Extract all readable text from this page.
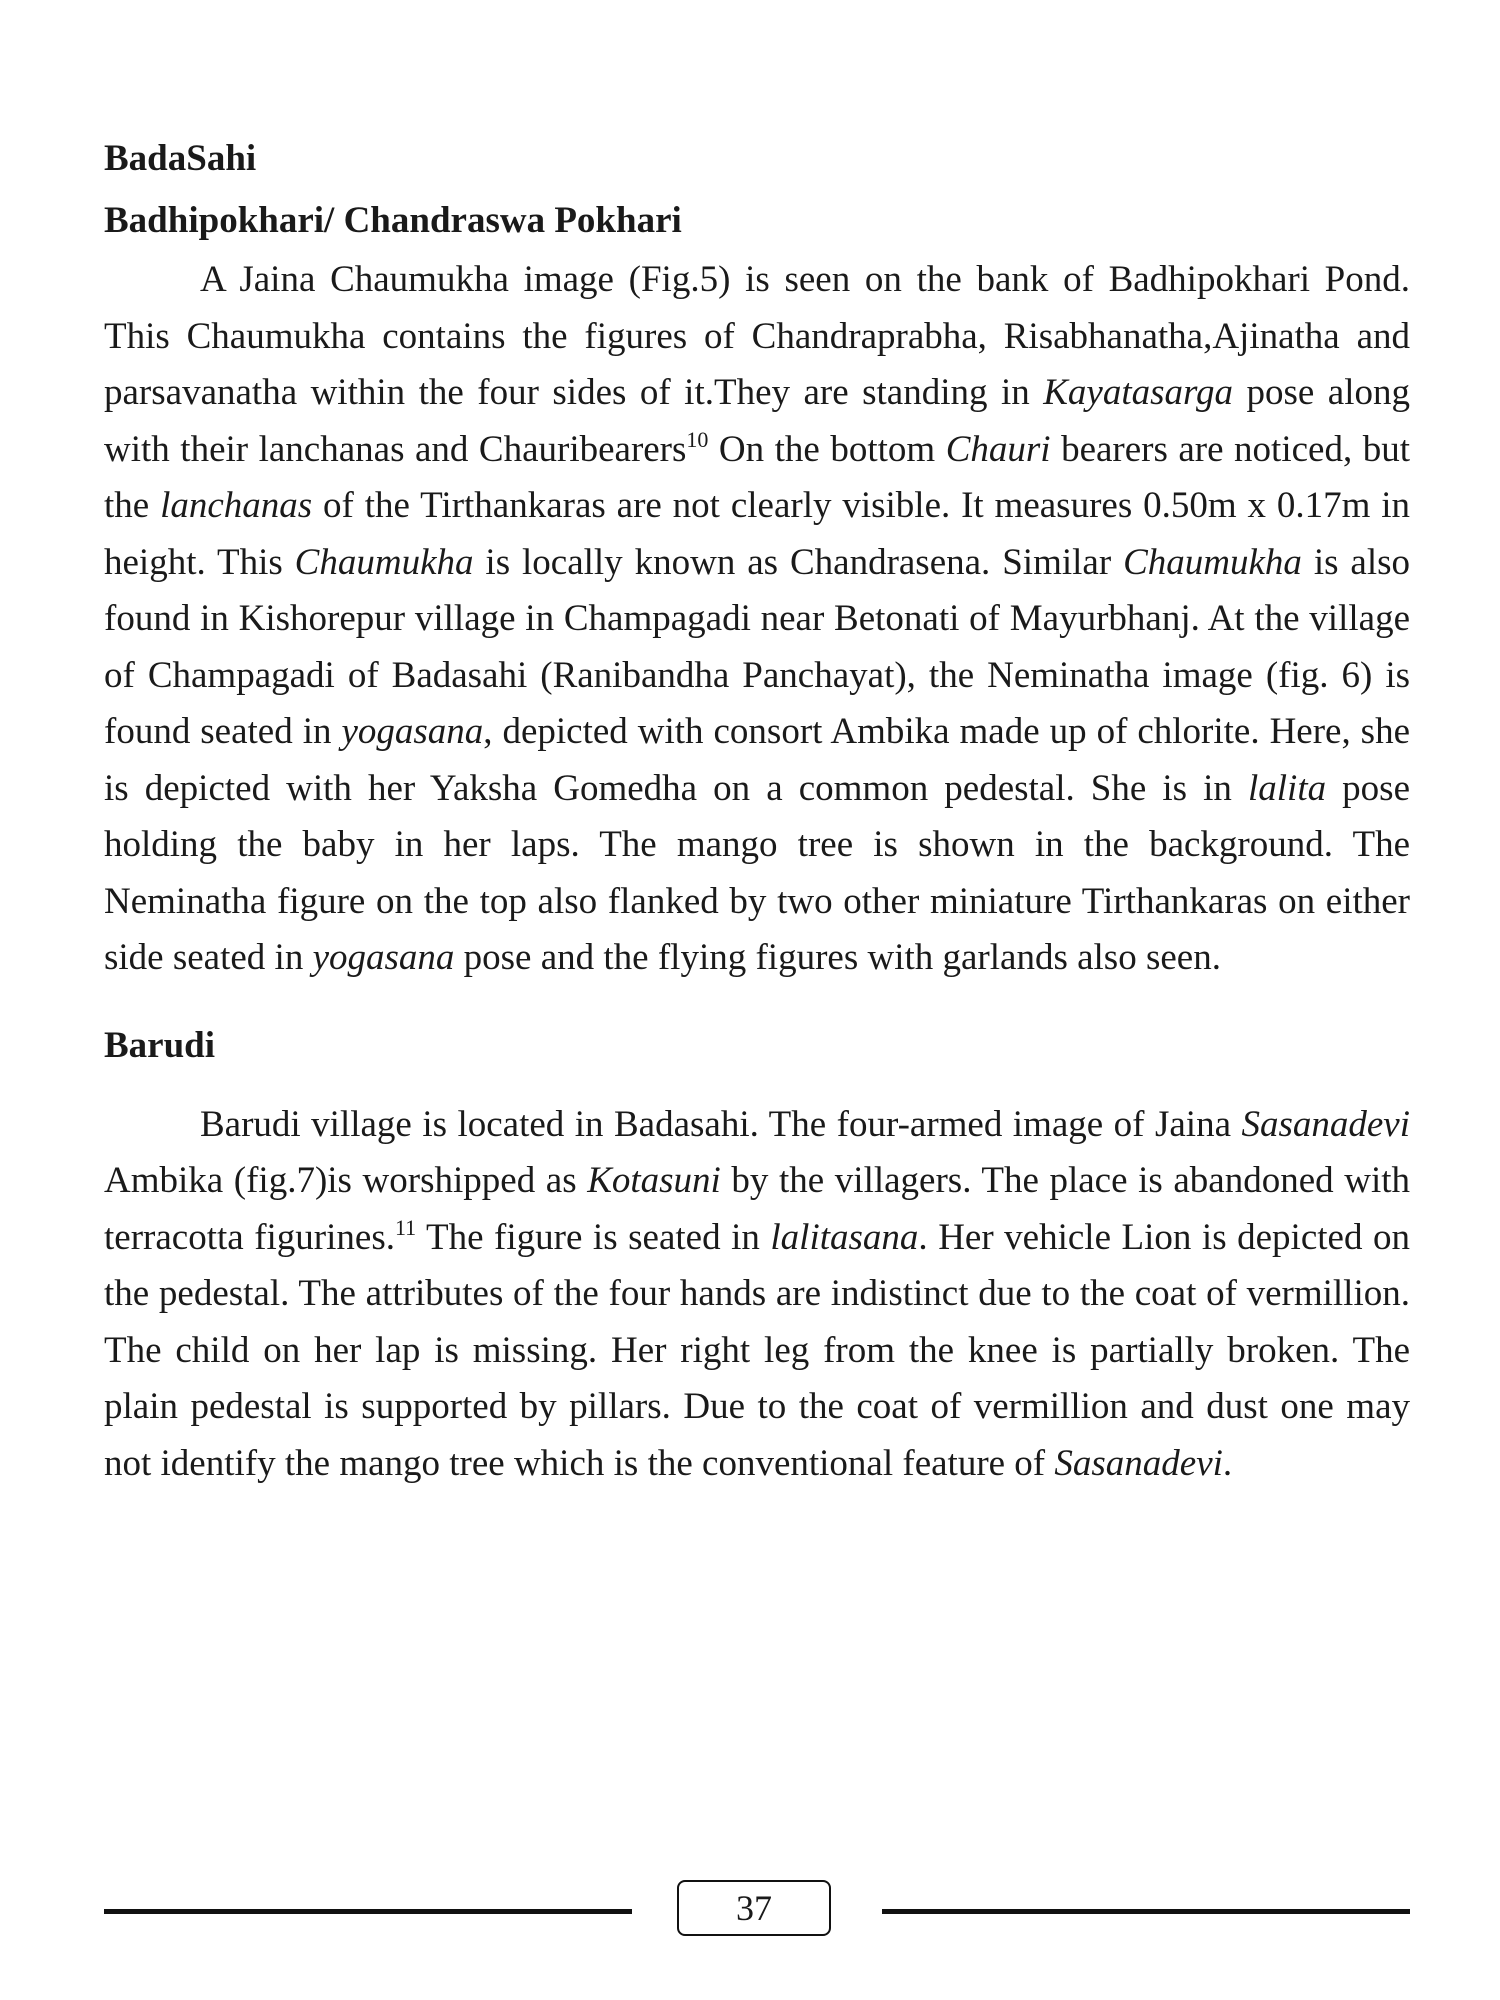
BadaSahi
Badhipokhari/ Chandraswa Pokhari

A Jaina Chaumukha image (Fig.5) is seen on the bank of Badhipokhari Pond. This Chaumukha contains the figures of Chandraprabha, Risabhanatha,Ajinatha and parsavanatha within the four sides of it.They are standing in Kayatasarga pose along with their lanchanas and Chauribearers$^{10}$ On the bottom Chauri bearers are noticed, but the lanchanas of the Tirthankaras are not clearly visible. It measures 0.50m x 0.17m in height. This Chaumukha is locally known as Chandrasena. Similar Chaumukha is also found in Kishorepur village in Champagadi near Betonati of Mayurbhanj. At the village of Champagadi of Badasahi (Ranibandha Panchayat), the Neminatha image (fig. 6) is found seated in yogasana, depicted with consort Ambika made up of chlorite. Here, she is depicted with her Yaksha Gomedha on a common pedestal. She is in lalita pose holding the baby in her laps. The mango tree is shown in the background. The Neminatha figure on the top also flanked by two other miniature Tirthankaras on either side seated in yogasana pose and the flying figures with garlands also seen.

Barudi

Barudi village is located in Badasahi. The four-armed image of Jaina Sasanadevi Ambika (fig.7)is worshipped as Kotasuni by the villagers. The place is abandoned with terracotta figurines.$^{11}$ The figure is seated in lalitasana. Her vehicle Lion is depicted on the pedestal. The attributes of the four hands are indistinct due to the coat of vermillion. The child on her lap is missing. Her right leg from the knee is partially broken. The plain pedestal is supported by pillars. Due to the coat of vermillion and dust one may not identify the mango tree which is the conventional feature of Sasanadevi.

37
